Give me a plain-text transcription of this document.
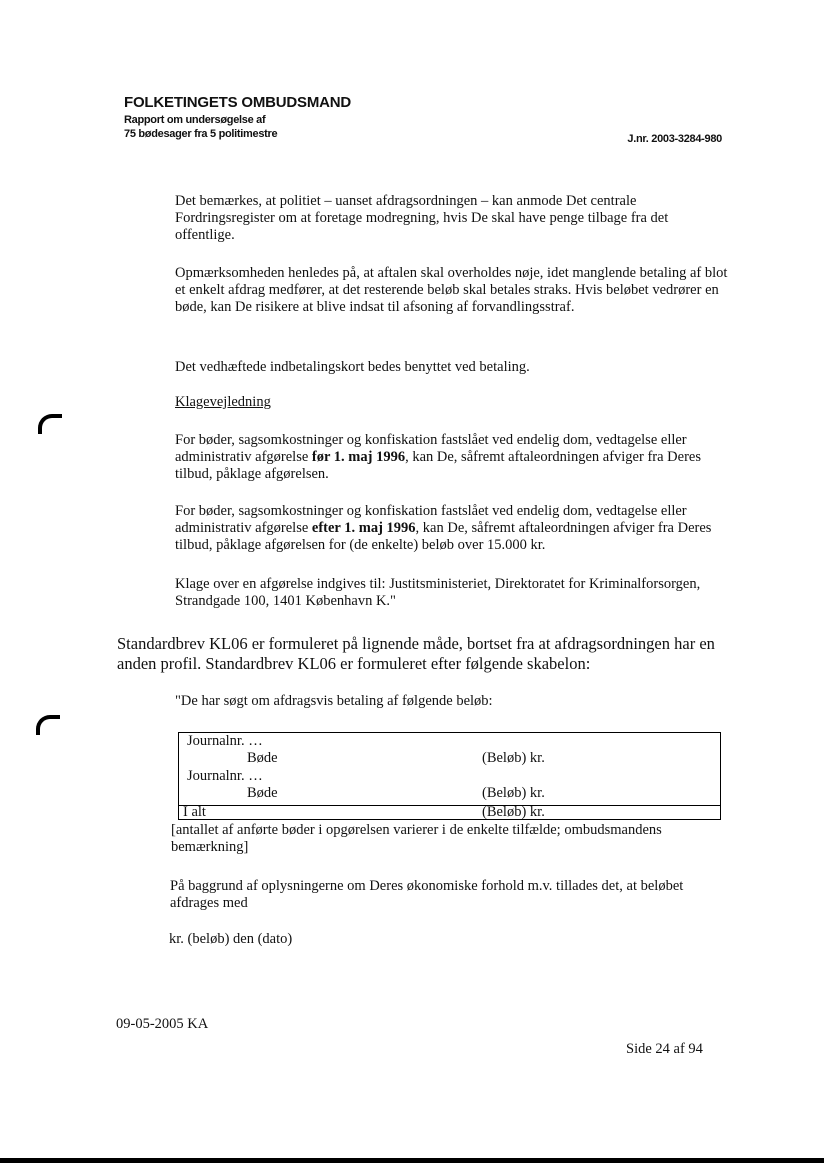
FOLKETINGETS OMBUDSMAND
Rapport om undersøgelse af
75 bødesager fra 5 politimestre	J.nr. 2003-3284-980
Det bemærkes, at politiet – uanset afdragsordningen – kan anmode Det centrale Fordringsregister om at foretage modregning, hvis De skal have penge tilbage fra det offentlige.
Opmærksomheden henledes på, at aftalen skal overholdes nøje, idet manglende betaling af blot et enkelt afdrag medfører, at det resterende beløb skal betales straks. Hvis beløbet vedrører en bøde, kan De risikere at blive indsat til afsoning af forvandlingsstraf.
Det vedhæftede indbetalingskort bedes benyttet ved betaling.
Klagevejledning
For bøder, sagsomkostninger og konfiskation fastslået ved endelig dom, vedtagelse eller administrativ afgørelse før 1. maj 1996, kan De, såfremt aftaleordningen afviger fra Deres tilbud, påklage afgørelsen.
For bøder, sagsomkostninger og konfiskation fastslået ved endelig dom, vedtagelse eller administrativ afgørelse efter 1. maj 1996, kan De, såfremt aftaleordningen afviger fra Deres tilbud, påklage afgørelsen for (de enkelte) beløb over 15.000 kr.
Klage over en afgørelse indgives til: Justitsministeriet, Direktoratet for Kriminalforsorgen, Strandgade 100, 1401 København K."
Standardbrev KL06 er formuleret på lignende måde, bortset fra at afdragsordningen har en anden profil. Standardbrev KL06 er formuleret efter følgende skabelon:
"De har søgt om afdragsvis betaling af følgende beløb:
Journalnr. …
Bøde	(Beløb) kr.
Journalnr. …
Bøde	(Beløb) kr.
I alt	(Beløb) kr.
[antallet af anførte bøder i opgørelsen varierer i de enkelte tilfælde; ombudsmandens bemærkning]
På baggrund af oplysningerne om Deres økonomiske forhold m.v. tillades det, at beløbet afdrages med
kr. (beløb) den (dato)
09-05-2005 KA
Side 24 af 94
